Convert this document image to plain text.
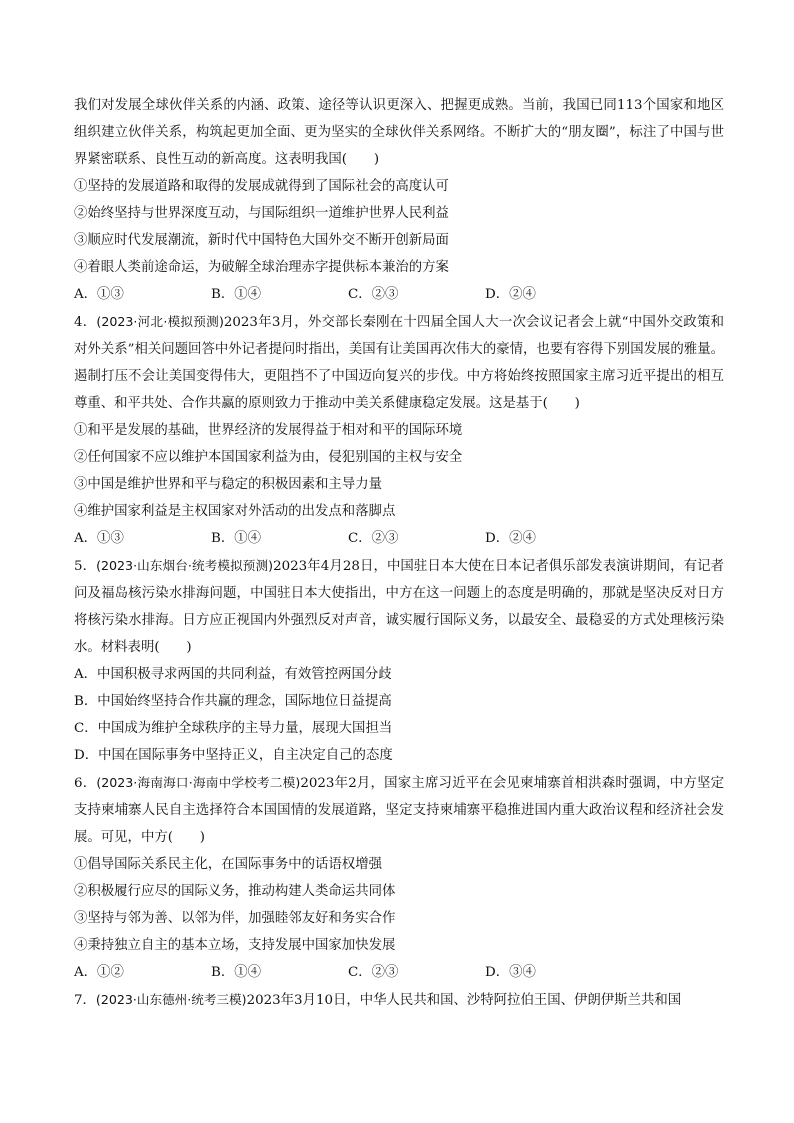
我们对发展全球伙伴关系的内涵、政策、途径等认识更深入、把握更成熟。当前，我国已同113个国家和地区组织建立伙伴关系，构筑起更加全面、更为坚实的全球伙伴关系网络。不断扩大的“朋友圈”，标注了中国与世界紧密联系、良性互动的新高度。这表明我国(　　)

①坚持的发展道路和取得的发展成就得到了国际社会的高度认可

②始终坚持与世界深度互动，与国际组织一道维护世界人民利益

③顺应时代发展潮流，新时代中国特色大国外交不断开创新局面

④着眼人类前途命运，为破解全球治理赤字提供标本兼治的方案

A．①③	B．①④	C．②③	D．②④

4．(2023·河北·模拟预测)2023年3月，外交部长秦刚在十四届全国人大一次会议记者会上就“中国外交政策和对外关系”相关问题回答中外记者提问时指出，美国有让美国再次伟大的豪情，也要有容得下别国发展的雅量。遏制打压不会让美国变得伟大，更阻挡不了中国迈向复兴的步伐。中方将始终按照国家主席习近平提出的相互尊重、和平共处、合作共赢的原则致力于推动中美关系健康稳定发展。这是基于(　　)

①和平是发展的基础，世界经济的发展得益于相对和平的国际环境

②任何国家不应以维护本国国家利益为由，侵犯别国的主权与安全

③中国是维护世界和平与稳定的积极因素和主导力量

④维护国家利益是主权国家对外活动的出发点和落脚点

A．①③	B．①④	C．②③	D．②④

5．(2023·山东烟台·统考模拟预测)2023年4月28日，中国驻日本大使在日本记者俱乐部发表演讲期间，有记者问及福岛核污染水排海问题，中国驻日本大使指出，中方在这一问题上的态度是明确的，那就是坚决反对日方将核污染水排海。日方应正视国内外强烈反对声音，诚实履行国际义务，以最安全、最稳妥的方式处理核污染水。材料表明(　　)

A．中国积极寻求两国的共同利益，有效管控两国分歧

B．中国始终坚持合作共赢的理念，国际地位日益提高

C．中国成为维护全球秩序的主导力量，展现大国担当

D．中国在国际事务中坚持正义，自主决定自己的态度

6．(2023·海南海口·海南中学校考二模)2023年2月，国家主席习近平在会见柬埔寨首相洪森时强调，中方坚定支持柬埔寨人民自主选择符合本国国情的发展道路，坚定支持柬埔寨平稳推进国内重大政治议程和经济社会发展。可见，中方(　　)

①倡导国际关系民主化，在国际事务中的话语权增强

②积极履行应尽的国际义务，推动构建人类命运共同体

③坚持与邻为善、以邻为伴，加强睦邻友好和务实合作

④秉持独立自主的基本立场，支持发展中国家加快发展

A．①②	B．①④	C．②③	D．③④

7．(2023·山东德州·统考三模)2023年3月10日，中华人民共和国、沙特阿拉伯王国、伊朗伊斯兰共和国
